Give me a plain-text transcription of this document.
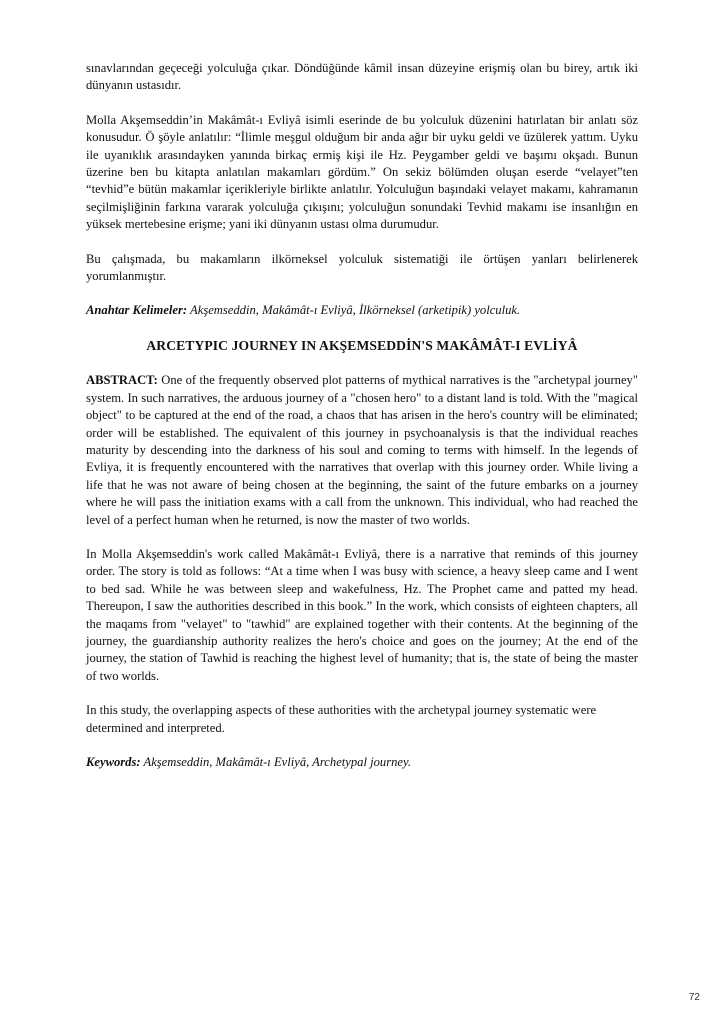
sınavlarından geçeceği yolculuğa çıkar. Döndüğünde kâmil insan düzeyine erişmiş olan bu birey, artık iki dünyanın ustasıdır.

Molla Akşemseddin’in Makâmât-ı Evliyâ isimli eserinde de bu yolculuk düzenini hatırlatan bir anlatı söz konusudur. Ö şöyle anlatılır: “İlimle meşgul olduğum bir anda ağır bir uyku geldi ve üzülerek yattım. Uyku ile uyanıklık arasındayken yanında birkaç ermiş kişi ile Hz. Peygamber geldi ve başımı okşadı. Bunun üzerine ben bu kitapta anlatılan makamları gördüm.” On sekiz bölümden oluşan eserde “velayet”ten “tevhid”e bütün makamlar içerikleriyle birlikte anlatılır. Yolculuğun başındaki velayet makamı, kahramanın seçilmişliğinin farkına vararak yolculuğa çıkışını; yolculuğun sonundaki Tevhid makamı ise insanlığın en yüksek mertebesine erişme; yani iki dünyanın ustası olma durumudur.

Bu çalışmada, bu makamların ilkörneksel yolculuk sistematiği ile örtüşen yanları belirlenerek yorumlanmıştır.

Anahtar Kelimeler: Akşemseddin, Makâmât-ı Evliyâ, İlkörneksel (arketipik) yolculuk.

ARCETYPIC JOURNEY IN AKŞEMSEDDİN'S MAKÂMÂT-I EVLİYÂ

ABSTRACT: One of the frequently observed plot patterns of mythical narratives is the "archetypal journey" system. In such narratives, the arduous journey of a "chosen hero" to a distant land is told. With the "magical object" to be captured at the end of the road, a chaos that has arisen in the hero's country will be eliminated; order will be established. The equivalent of this journey in psychoanalysis is that the individual reaches maturity by descending into the darkness of his soul and coming to terms with himself. In the legends of Evliya, it is frequently encountered with the narratives that overlap with this journey order. While living a life that he was not aware of being chosen at the beginning, the saint of the future embarks on a journey where he will pass the initiation exams with a call from the unknown. This individual, who had reached the level of a perfect human when he returned, is now the master of two worlds.

In Molla Akşemseddin's work called Makâmât-ı Evliyâ, there is a narrative that reminds of this journey order. The story is told as follows: “At a time when I was busy with science, a heavy sleep came and I went to bed sad. While he was between sleep and wakefulness, Hz. The Prophet came and patted my head. Thereupon, I saw the authorities described in this book.” In the work, which consists of eighteen chapters, all the maqams from "velayet" to "tawhid" are explained together with their contents. At the beginning of the journey, the guardianship authority realizes the hero's choice and goes on the journey; At the end of the journey, the station of Tawhid is reaching the highest level of humanity; that is, the state of being the master of two worlds.

In this study, the overlapping aspects of these authorities with the archetypal journey systematic were determined and interpreted.

Keywords: Akşemseddin, Makâmât-ı Evliyâ, Archetypal journey.

72
